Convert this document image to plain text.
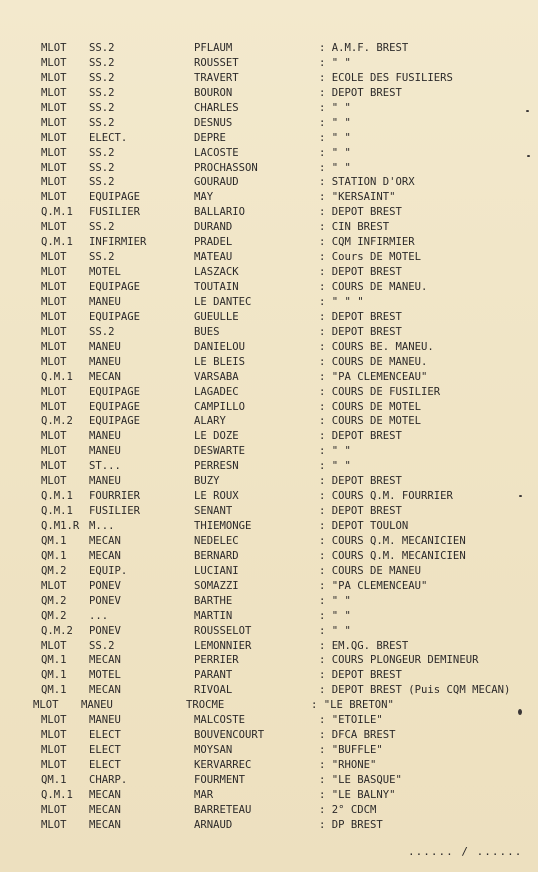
MLOT SS.2	PFLAUM	: A.M.F. BREST
MLOT SS.2	ROUSSET	: " "
MLOT SS.2	TRAVERT	: ECOLE DES FUSILIERS
MLOT SS.2	BOURON	: DEPOT BREST
MLOT SS.2	CHARLES	: " "
MLOT SS.2	DESNUS	: " "
MLOT ELECT.	DEPRE	: " "
MLOT SS.2	LACOSTE	: " "
MLOT SS.2	PROCHASSON	: " "
MLOT SS.2	GOURAUD	: STATION D'ORX
MLOT EQUIPAGE	MAY	: "KERSAINT"
Q.M.1 FUSILIER	BALLARIO	: DEPOT BREST
MLOT SS.2	DURAND	: CIN BREST
Q.M.1 INFIRMIER	PRADEL	: CQM INFIRMIER
MLOT SS.2	MATEAU	: Cours DE MOTEL
MLOT MOTEL	LASZACK	: DEPOT BREST
MLOT EQUIPAGE	TOUTAIN	: COURS DE MANEU.
MLOT MANEU	LE DANTEC	: " " "
MLOT EQUIPAGE	GUEULLE	: DEPOT BREST
MLOT SS.2	BUES	: DEPOT BREST
MLOT MANEU	DANIELOU	: COURS BE. MANEU.
MLOT MANEU	LE BLEIS	: COURS DE MANEU.
Q.M.1 MECAN	VARSABA	: "PA CLEMENCEAU"
MLOT EQUIPAGE	LAGADEC	: COURS DE FUSILIER
MLOT EQUIPAGE	CAMPILLO	: COURS DE MOTEL
Q.M.2 EQUIPAGE	ALARY	: COURS DE MOTEL
MLOT MANEU	LE DOZE	: DEPOT BREST
MLOT MANEU	DESWARTE	: " "
MLOT ST...	PERRESN	: " "
MLOT MANEU	BUZY	: DEPOT BREST
Q.M.1 FOURRIER	LE ROUX	: COURS Q.M. FOURRIER
Q.M.1 FUSILIER	SENANT	: DEPOT BREST
Q.M1.R M...	THIEMONGE	: DEPOT TOULON
QM.1 MECAN	NEDELEC	: COURS Q.M. MECANICIEN
QM.1 MECAN	BERNARD	: COURS Q.M. MECANICIEN
QM.2 EQUIP.	LUCIANI	: COURS DE MANEU
MLOT PONEV	SOMAZZI	: "PA CLEMENCEAU"
QM.2 PONEV	BARTHE	: " "
QM.2 ...	MARTIN	: " "
Q.M.2 PONEV	ROUSSELOT	: " "
MLOT SS.2	LEMONNIER	: EM.QG. BREST
QM.1 MECAN	PERRIER	: COURS PLONGEUR DEMINEUR
QM.1 MOTEL	PARANT	: DEPOT BREST
QM.1 MECAN	RIVOAL	: DEPOT BREST (Puis CQM MECAN)
MLOT MANEU	TROCME	: "LE BRETON"
MLOT MANEU	MALCOSTE	: "ETOILE"
MLOT ELECT	BOUVENCOURT	: DFCA BREST
MLOT ELECT	MOYSAN	: "BUFFLE"
MLOT ELECT	KERVARREC	: "RHONE"
QM.1 CHARP.	FOURMENT	: "LE BASQUE"
Q.M.1 MECAN	MAR	: "LE BALNY"
MLOT MECAN	BARRETEAU	: 2° CDCM
MLOT MECAN	ARNAUD	: DP BREST
...... / ......
